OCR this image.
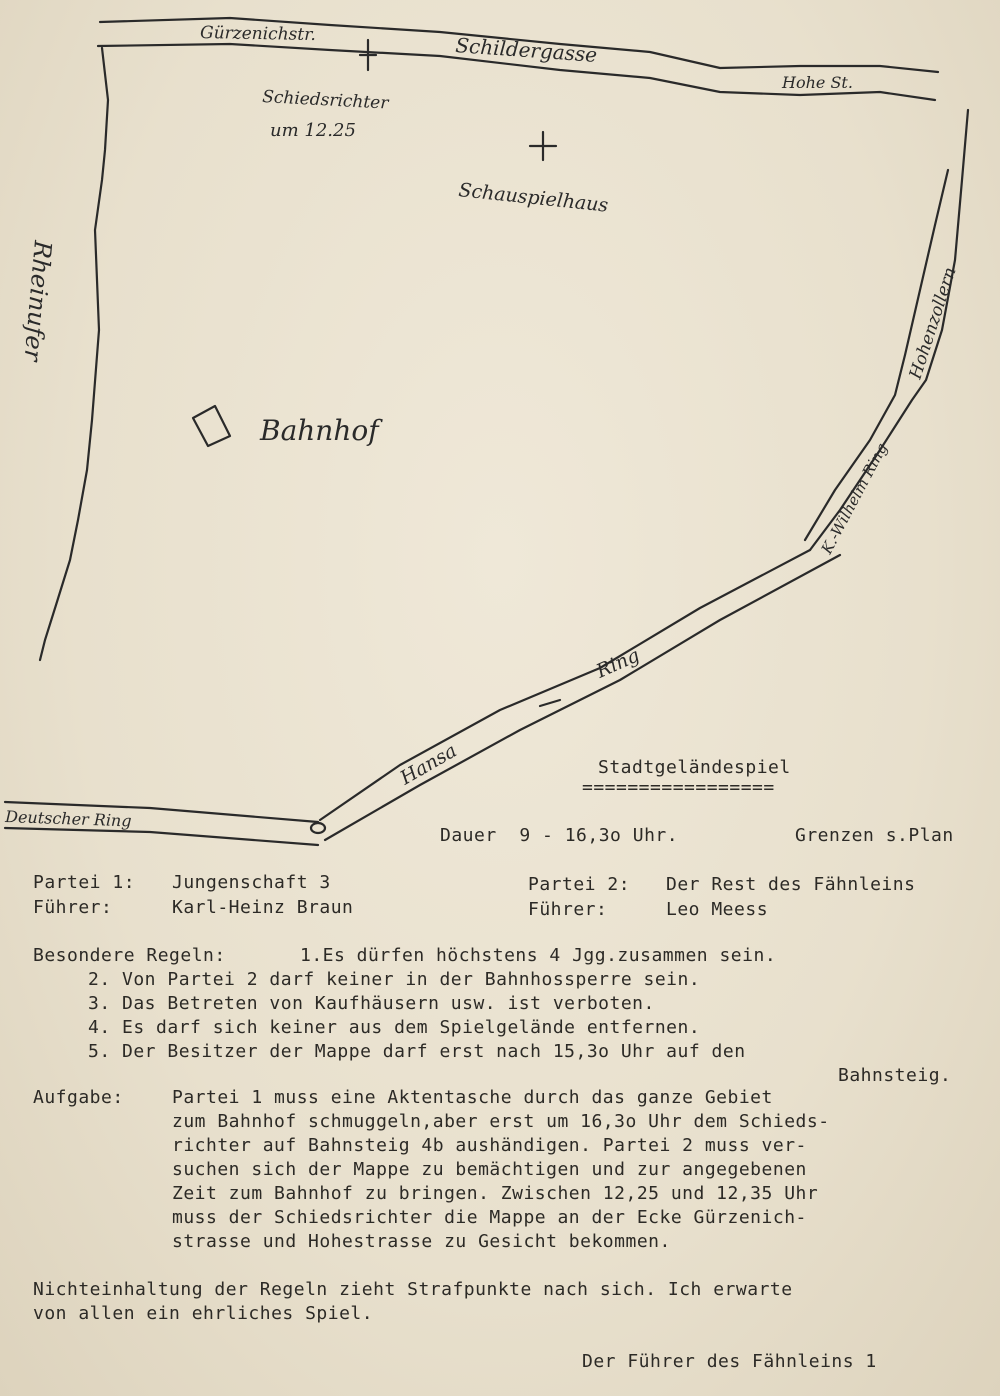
Gürzenichstr.	Schildergasse
Hohe St.
Rheinufer
Schiedsrichter
um 12.25
Schauspielhaus
Bahnhof
Hohenzollern
K.-Wilhelm Ring
Ring
Hansa
Deutscher Ring
Stadtgeländespiel
=================
Dauer  9 - 16,3o Uhr.	Grenzen s.Plan
Partei 1: Jungenschaft 3	Partei 2: Der Rest des Fähnleins
Führer:	Karl-Heinz Braun	Führer:	Leo Meess
Besondere Regeln:	1.Es dürfen höchstens 4 Jgg.zusammen sein.
2. Von Partei 2 darf keiner in der Bahnhossperre sein.
3. Das Betreten von Kaufhäusern usw. ist verboten.
4. Es darf sich keiner aus dem Spielgelände entfernen.
5. Der Besitzer der Mappe darf erst nach 15,3o Uhr auf den
Bahnsteig.
Aufgabe:	Partei 1 muss eine Aktentasche durch das ganze Gebiet
zum Bahnhof schmuggeln,aber erst um 16,3o Uhr dem Schieds-
richter auf Bahnsteig 4b aushändigen. Partei 2 muss ver-
suchen sich der Mappe zu bemächtigen und zur angegebenen
Zeit zum Bahnhof zu bringen. Zwischen 12,25 und 12,35 Uhr
muss der Schiedsrichter die Mappe an der Ecke Gürzenich-
strasse und Hohestrasse zu Gesicht bekommen.
Nichteinhaltung der Regeln zieht Strafpunkte nach sich. Ich erwarte
von allen ein ehrliches Spiel.
Der Führer des Fähnleins 1
